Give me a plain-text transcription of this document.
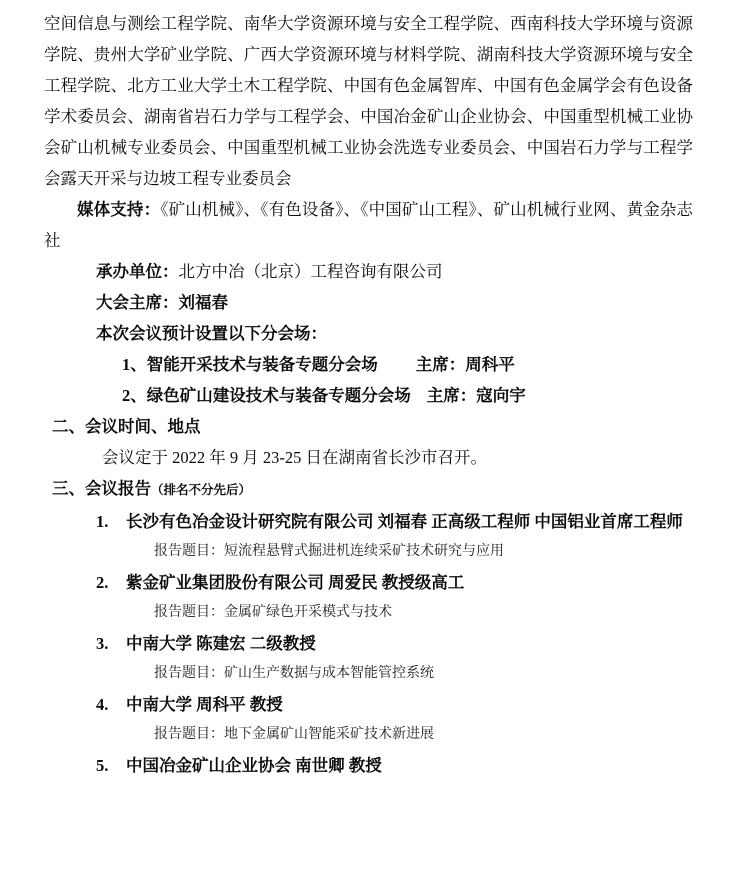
空间信息与测绘工程学院、南华大学资源环境与安全工程学院、西南科技大学环境与资源学院、贵州大学矿业学院、广西大学资源环境与材料学院、湖南科技大学资源环境与安全工程学院、北方工业大学土木工程学院、中国有色金属智库、中国有色金属学会有色设备学术委员会、湖南省岩石力学与工程学会、中国冶金矿山企业协会、中国重型机械工业协会矿山机械专业委员会、中国重型机械工业协会洗选专业委员会、中国岩石力学与工程学会露天开采与边坡工程专业委员会

媒体支持：《矿山机械》、《有色设备》、《中国矿山工程》、矿山机械行业网、黄金杂志社

承办单位：北方中冶（北京）工程咨询有限公司

大会主席：刘福春

本次会议预计设置以下分会场：

1、智能开采技术与装备专题分会场 主席：周科平

2、绿色矿山建设技术与装备专题分会场 主席：寇向宇

二、会议时间、地点

会议定于 2022 年 9 月 23-25 日在湖南省长沙市召开。

三、会议报告（排名不分先后）

1. 长沙有色冶金设计研究院有限公司 刘福春 正高级工程师 中国铝业首席工程师

报告题目：短流程悬臂式掘进机连续采矿技术研究与应用

2. 紫金矿业集团股份有限公司 周爱民 教授级高工

报告题目：金属矿绿色开采模式与技术

3. 中南大学 陈建宏 二级教授

报告题目：矿山生产数据与成本智能管控系统

4. 中南大学 周科平 教授

报告题目：地下金属矿山智能采矿技术新进展

5. 中国冶金矿山企业协会 南世卿 教授
